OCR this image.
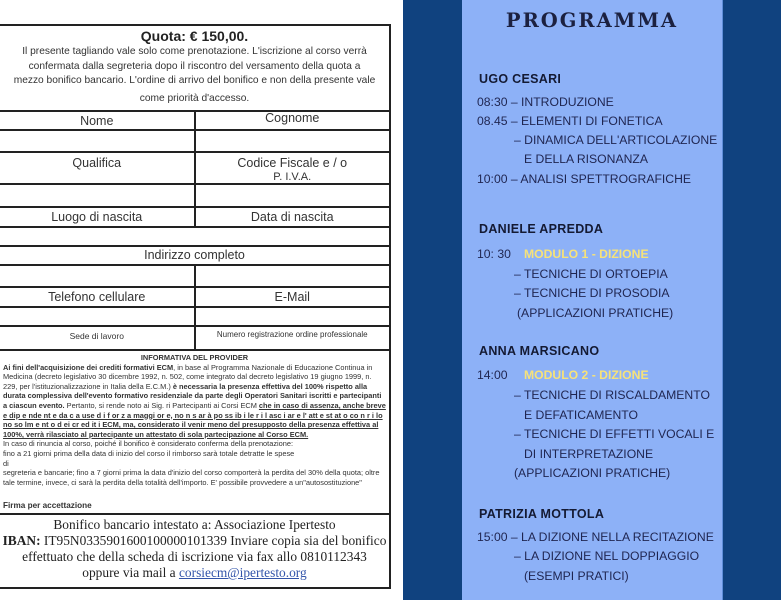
Quota: € 150,00.
Il presente tagliando vale solo come prenotazione. L'iscrizione al corso verrà
confermata dalla segreteria dopo il riscontro del versamento della quota a
mezzo bonifico bancario. L'ordine di arrivo del bonifico e non della presente vale
come priorità d'accesso.
Nome	Cognome
Qualifica	Codice Fiscale e / o
P. I.V.A.
Luogo di nascita	Data di nascita
Indirizzo completo
Telefono cellulare	E-Mail
Sede di lavoro	Numero registrazione ordine professionale
INFORMATIVA DEL PROVIDER

Ai fini dell'acquisizione dei crediti formativi ECM, in base al Programma Nazionale di Educazione Continua in Medicina (decreto legislativo 30 dicembre 1992, n. 502, come integrato dal decreto legislativo 19 giugno 1999, n. 229, per l'istituzionalizzazione in Italia della E.C.M.) è necessaria la presenza effettiva del 100% rispetto alla durata complessiva dell'evento formativo residenziale da parte degli Operatori Sanitari iscritti e partecipanti a ciascun evento. Pertanto, si rende noto ai Sig. ri Partecipanti ai Corsi ECM che in caso di assenza, anche breve e dip e nde nt e da c a use d i f or z a maggi or e, no n s ar à po ss ib i le r i l asc i ar e l' att e st at o co n r i lo no so lm e nt o d ei cr ed it i ECM, ma, considerato il venir meno del presupposto della presenza effettiva al 100%, verrà rilasciato al partecipante un attestato di sola partecipazione al Corso ECM.

In caso di rinuncia al corso, poiché il bonifico è considerato conferma della prenotazione:

fino a 21 giorni prima della data di inizio del corso il rimborso sarà totale detratte le spese

di

segreteria e bancarie; fino a 7 giorni prima la data d'inizio del corso comporterà la perdita del 30% della quota; oltre tale termine, invece, ci sarà la perdita della totalità dell'importo. E' possibile provvedere a un"autosostituzione"

Firma per accettazione
Bonifico bancario intestato a: Associazione Ipertesto
IBAN: IT95N0335901600100000101339 Inviare copia sia del bonifico effettuato che della scheda di iscrizione via fax allo 0810112343 oppure via mail a corsiecm@ipertesto.org
PROGRAMMA
UGO CESARI
08:30 – INTRODUZIONE
08.45 – ELEMENTI DI FONETICA
– DINAMICA DELL'ARTICOLAZIONE
E DELLA RISONANZA
10:00 – ANALISI SPETTROGRAFICHE
DANIELE APREDDA
10: 30 MODULO 1 - DIZIONE
– TECNICHE DI ORTOEPIA
– TECNICHE DI PROSODIA
(APPLICAZIONI PRATICHE)
ANNA MARSICANO
14:00 MODULO 2 - DIZIONE
– TECNICHE DI RISCALDAMENTO
E DEFATICAMENTO
– TECNICHE DI EFFETTI VOCALI E
DI INTERPRETAZIONE
(APPLICAZIONI PRATICHE)
PATRIZIA MOTTOLA
15:00 – LA DIZIONE NELLA RECITAZIONE
– LA DIZIONE NEL DOPPIAGGIO
(ESEMPI PRATICI)
